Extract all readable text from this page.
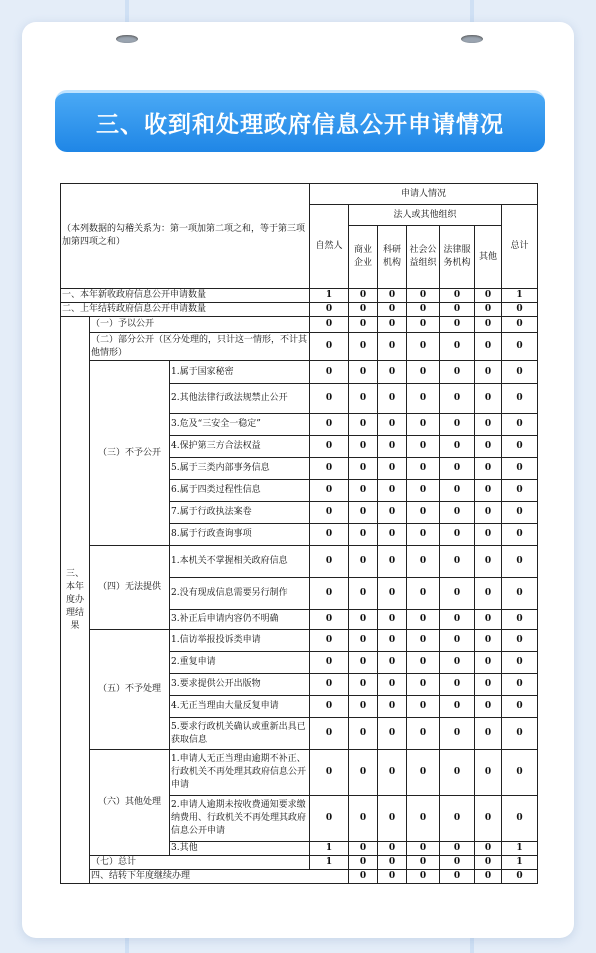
三、收到和处理政府信息公开申请情况
（本列数据的勾稽关系为：第一项加第二项之和，等于第三项加第四项之和）			申请人情况							
			自然人	法人或其他组织					总计	
				商业企业	科研机构	社会公益组织	法律服务机构	其他		
一、本年新收政府信息公开申请数量			1	0	0	0	0	0	1	
二、上年结转政府信息公开申请数量			0	0	0	0	0	0	0	
三、本年度办理结果	（一）予以公开		0	0	0	0	0	0	0	
	（二）部分公开（区分处理的，只计这一情形，不计其他情形）		0	0	0	0	0	0	0	
	（三）不予公开	1.属于国家秘密	0	0	0	0	0	0	0	
		2.其他法律行政法规禁止公开	0	0	0	0	0	0	0	
		3.危及“三安全一稳定”	0	0	0	0	0	0	0	
		4.保护第三方合法权益	0	0	0	0	0	0	0	
		5.属于三类内部事务信息	0	0	0	0	0	0	0	
		6.属于四类过程性信息	0	0	0	0	0	0	0	
		7.属于行政执法案卷	0	0	0	0	0	0	0	
		8.属于行政查询事项	0	0	0	0	0	0	0	
	（四）无法提供	1.本机关不掌握相关政府信息	0	0	0	0	0	0	0	
		2.没有现成信息需要另行制作	0	0	0	0	0	0	0	
		3.补正后申请内容仍不明确	0	0	0	0	0	0	0	
	（五）不予处理	1.信访举报投诉类申请	0	0	0	0	0	0	0	
		2.重复申请	0	0	0	0	0	0	0	
		3.要求提供公开出版物	0	0	0	0	0	0	0	
		4.无正当理由大量反复申请	0	0	0	0	0	0	0	
		5.要求行政机关确认或重新出具已获取信息	0	0	0	0	0	0	0	
	（六）其他处理	1.申请人无正当理由逾期不补正、行政机关不再处理其政府信息公开申请	0	0	0	0	0	0	0	
		2.申请人逾期未按收费通知要求缴纳费用、行政机关不再处理其政府信息公开申请	0	0	0	0	0	0	0	
		3.其他	1	0	0	0	0	0	1	
	（七）总计		1	0	0	0	0	0	1	
	四、结转下年度继续办理			0	0	0	0	0	0	
